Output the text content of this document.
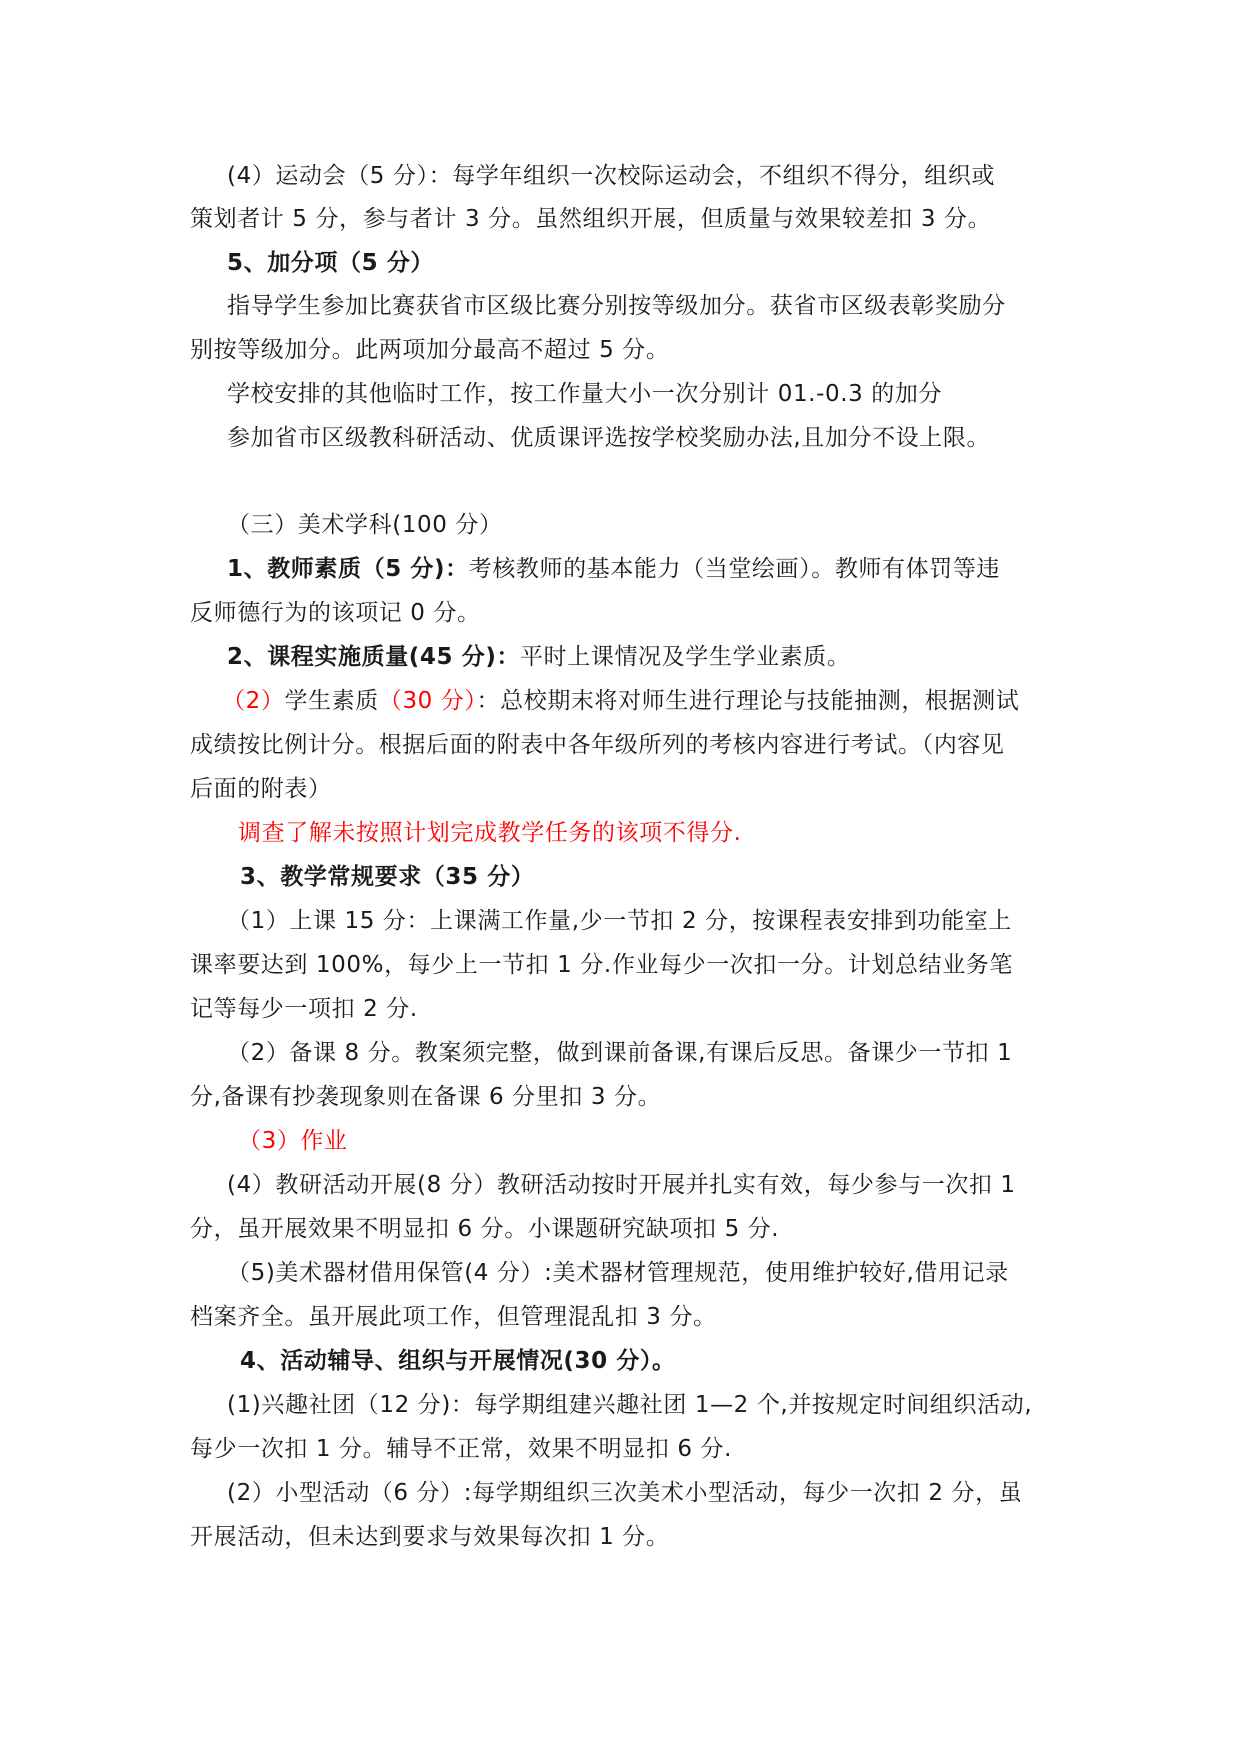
(4）运动会（5 分）：每学年组织一次校际运动会，不组织不得分，组织或
策划者计 5 分，参与者计 3 分。虽然组织开展，但质量与效果较差扣 3 分。
5、加分项（5 分）
指导学生参加比赛获省市区级比赛分别按等级加分。获省市区级表彰奖励分
别按等级加分。此两项加分最高不超过 5 分。
学校安排的其他临时工作，按工作量大小一次分别计 01.-0.3 的加分
参加省市区级教科研活动、优质课评选按学校奖励办法,且加分不设上限。
（三）美术学科(100 分）
1、教师素质（5 分)：考核教师的基本能力（当堂绘画）。教师有体罚等违
反师德行为的该项记 0 分。
2、课程实施质量(45 分)：平时上课情况及学生学业素质。
（2）学生素质（30 分）：总校期末将对师生进行理论与技能抽测，根据测试
成绩按比例计分。根据后面的附表中各年级所列的考核内容进行考试。（内容见
后面的附表）
调查了解未按照计划完成教学任务的该项不得分.
3、教学常规要求（35 分）
（1）上课 15 分：上课满工作量,少一节扣 2 分，按课程表安排到功能室上
课率要达到 100%，每少上一节扣 1 分.作业每少一次扣一分。计划总结业务笔
记等每少一项扣 2 分.
（2）备课 8 分。教案须完整，做到课前备课,有课后反思。备课少一节扣 1
分,备课有抄袭现象则在备课 6 分里扣 3 分。
（3）作业
(4）教研活动开展(8 分）教研活动按时开展并扎实有效，每少参与一次扣 1
分，虽开展效果不明显扣 6 分。小课题研究缺项扣 5 分.
（5)美术器材借用保管(4 分）:美术器材管理规范，使用维护较好,借用记录
档案齐全。虽开展此项工作，但管理混乱扣 3 分。
4、活动辅导、组织与开展情况(30 分）。
(1)兴趣社团（12 分)：每学期组建兴趣社团 1—2 个,并按规定时间组织活动,
每少一次扣 1 分。辅导不正常，效果不明显扣 6 分.
(2）小型活动（6 分）:每学期组织三次美术小型活动，每少一次扣 2 分，虽
开展活动，但未达到要求与效果每次扣 1 分。
